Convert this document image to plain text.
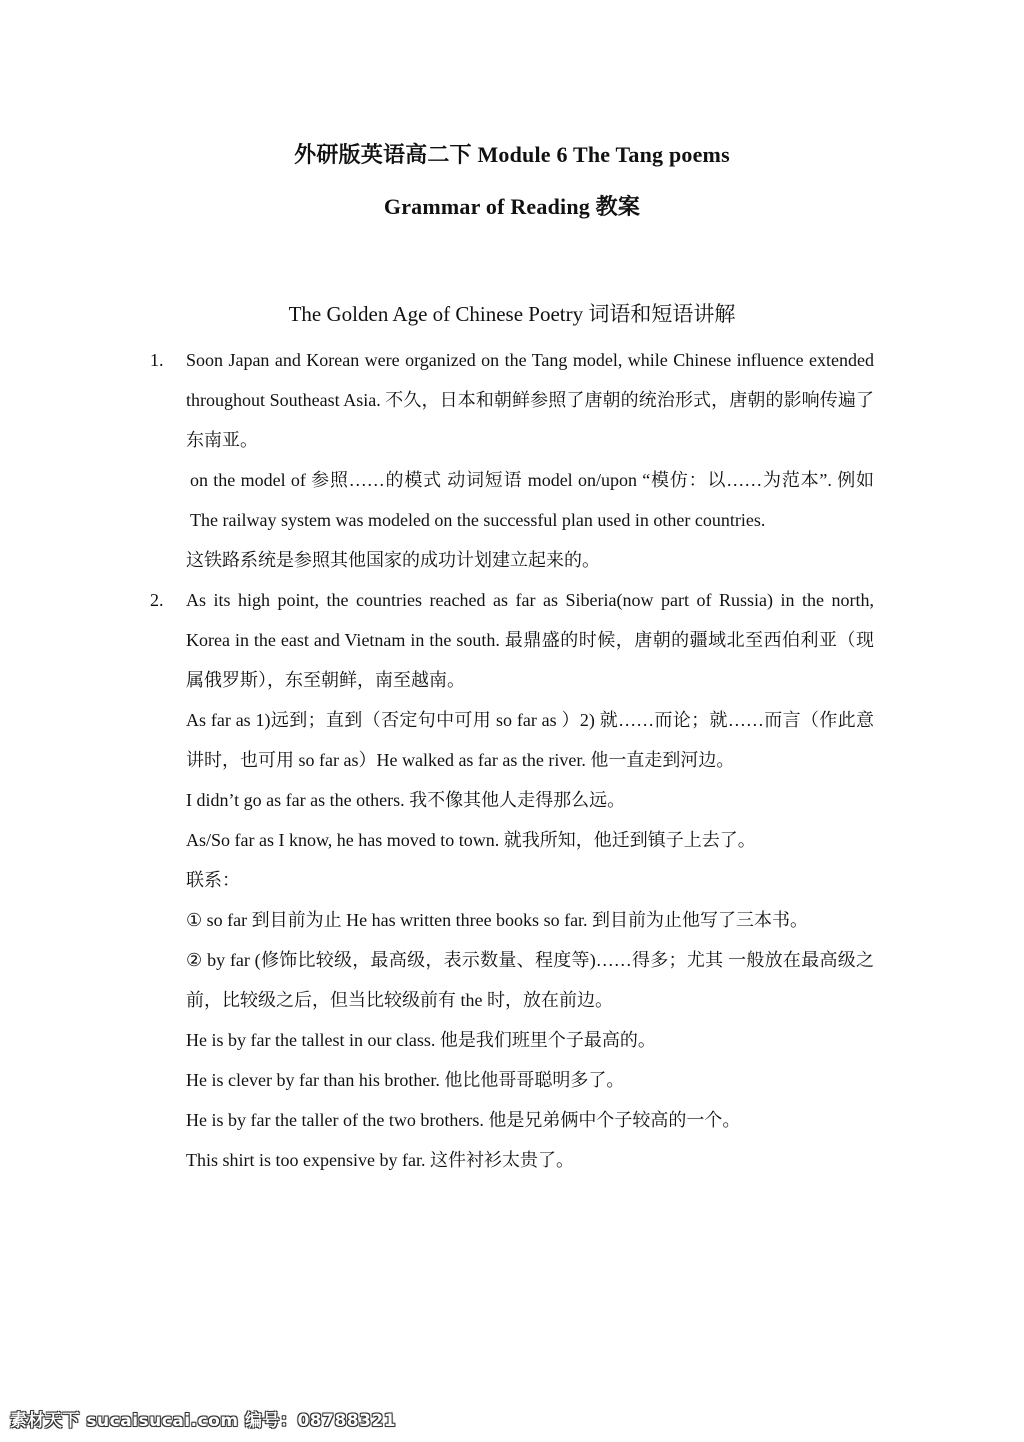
外研版英语高二下 Module 6 The Tang poems
Grammar of Reading 教案
The Golden Age of Chinese Poetry 词语和短语讲解
1. Soon Japan and Korean were organized on the Tang model, while Chinese influence extended throughout Southeast Asia. 不久，日本和朝鲜参照了唐朝的统治形式，唐朝的影响传遍了东南亚。

on the model of 参照……的模式 动词短语 model on/upon “模仿：以……为范本”. 例如 The railway system was modeled on the successful plan used in other countries.

这铁路系统是参照其他国家的成功计划建立起来的。

2. As its high point, the countries reached as far as Siberia(now part of Russia) in the north, Korea in the east and Vietnam in the south. 最鼎盛的时候，唐朝的疆域北至西伯利亚（现属俄罗斯），东至朝鲜，南至越南。

As far as 1)远到；直到（否定句中可用 so far as ）2) 就……而论；就……而言（作此意讲时，也可用 so far as）He walked as far as the river. 他一直走到河边。

I didn’t go as far as the others. 我不像其他人走得那么远。

As/So far as I know, he has moved to town. 就我所知，他迁到镇子上去了。

联系：

① so far 到目前为止 He has written three books so far. 到目前为止他写了三本书。

② by far (修饰比较级，最高级，表示数量、程度等)……得多；尤其 一般放在最高级之前，比较级之后，但当比较级前有 the 时，放在前边。

He is by far the tallest in our class. 他是我们班里个子最高的。

He is clever by far than his brother. 他比他哥哥聪明多了。

He is by far the taller of the two brothers. 他是兄弟俩中个子较高的一个。

This shirt is too expensive by far. 这件衬衫太贵了。

素材天下 sucaisucai.com 编号：08788321
